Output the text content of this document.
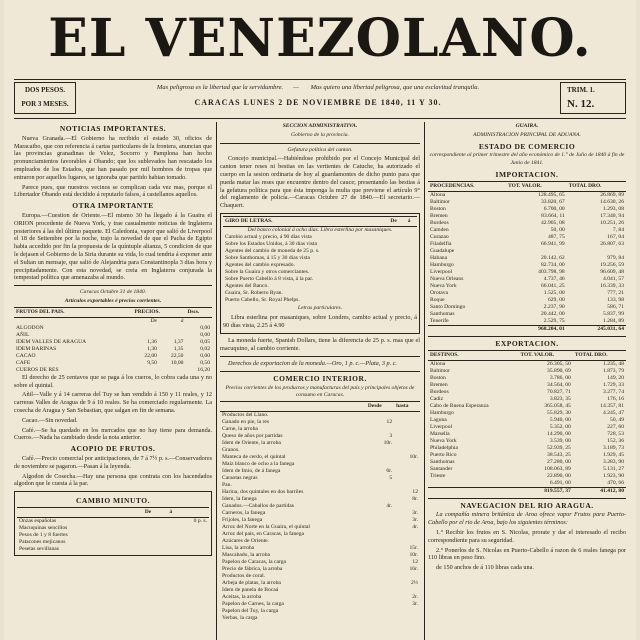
EL VENEZOLANO.
DOS PESOS.
POR 3 MESES.
Mas peligrosa es la libertad que la servidumbre. — Mas quiero una libertad peligrosa, que una esclavitud tranquila.
CARACAS LUNES 2 DE NOVIEMBRE DE 1840, 11 Y 30.
TRIM. 1.
N. 12.
NOTICIAS IMPORTANTES.

Nueva Granada.—El Gobierno ha recibido el estado 30, oficios de Maracaibo, que con referencia á cartas particulares de la frontera, anuncian que las provincias granadinas de Velez, Socorro y Pamplona han hecho pronunciamientos favorables á Obando; que los sublevados han rescatado los empleados de los Estados, que han pasado por mil hombres de tropas que entraron por aquellos lugares, se ignoraba que partido habian tomado.

Parece pues, que nuestros vecinos se complican cada vez mas, porque el Libertador Obando está decidido á reputarlo falsos, á castellanos aquellos.

OTRA IMPORTANTE

Europa.—Cuestion de Oriente.—El mismo 30 ha llegado á la Guaira el ORION procedente de Nueva York, y trae casualmente noticias de Inglaterra posteriores á las del último paquete. El Caledonia, vapor que salió de Liverpool el 18 de Setiembre por la noche, trajo la novedad de que el Pacha de Egipto habia accedido por fin la propuesta de la quíntuple alianza, 5 condicion de que le dejasen el Gobierno de la Siria durante su vida, lo cual tendria á exponer ante el Sultan un mensaje, que salió de Alejandria para Constantinopla 3 dias hora y precipitadamente. Con esta novedad, se creia en Inglaterra conjurada la tempestad política que amenazaba al mundo.

Caracas Octubre 31 de 1840.
Artículos exportables é precios corrientes.
FRUTOS DEL PAIS.	PRECIOS.		Dscs.
	De	á	
ALGODON			0,00
AÑIL			0,00
IDEM VALLES DE ARAGUA	1,36	1,37	0,05
IDEM BARINAS	1,30	1,35	0,02
CACAO	22,00	22,50	0,00
CAFE	9,50	10,00	0,50
CUEROS DE RES			16,20

El derecho de 25 centavos que se paga á los cueros, lo cobra cada una y no sobre el quintal.

Añil—Valle y á 14 carreras del Tuy se han vendido á 150 y 11 reales, y 12 carreras Valles de Aragua de 9 á 10 reales. Se ha comerciado regularmente. La cosecha de Aragua y San Sebastian, que salgan en fin de semana.

Cacao.—Sin novedad.

Café.—Se ha quedado en los mercados que no hay tiene para demanda. Cueros.—Nada ha cambiado desde la nota anterior.

ACOPIO DE FRUTOS.

Café.—Precio comercial por anticipaciones, de 7 á 7½ p. s.—Conservadores de noviembre se pagaron.—Pasan á la leyenda.

Algodon de Cosecha.—Hay una persona que contrata con los hacendados algodon que le cuesta á la par.

CAMBIO MINUTO.
	De	á
Onzas españolas		0 p. s.
Macuquinas sencillos		
Pesos de 1 y 8 fuertes		
Patacones mejicanos		
Pesetas sevillanas		
SECCION ADMINISTRATIVA.
Gobierno de la provincia.
Gefatura política del canton.

Concejo municipal.—Habiéndose prohibido por el Concejo Municipal del canton tener reses ni bestias en las vertientes de Catuche, ha autorizado el cuerpo en la sesion ordinaria de hoy al guardamontes de dicho punto para que pueda matar las reses que encuentre dentro del cauce; presentando las bestias á la gefatura política para que ésta imponga la multa que previene el artículo 9° del reglamento de policía.—Caracas Octubre 27 de 1840.—El secretario.—Chaquert.

GIRO DE LETRAS.	De	á
Del banco colonial á ocho dias. Libra esterlina por masaniques.		
Cambio actual y precio, á 90 días vista		
Sobre los Estados Unidos, á 30 dias vista		
Agentes del cambio de moneda de 25 p. s.		
Sobre Santhomas, á 15 y 30 dias vista		
Agentes del cambio expresado.		
Sobre la Guaira y otros comerciantes.		
Sobre Puerto Cabello á 8 vista, á la par.		
Agentes del Banco.		
Guaira, Sr. Roberto Ryan.		
Puerto Cabello, Sr. Royal Phelps.		
Letras particulares.

Libra esterlina por masaniques, sobre Londres, cambio actual y precio, á 90 días vista, 2.25 á 4.90

La moneda fuerte, Spanish Dollars, tiene la diferencia de 25 p. s. mas que el macuquino, al cambio corriente.

Derechos de exportacion de la moneda.—Oro, 1 p. c.—Plata, 3 p. c.

COMERCIO INTERIOR.
Precios corrientes de los productos y manufacturas del país y principales objetos de consumo en Caracas.
	Desde	hasta
Productos del Llano.		
Ganado en pie, la res	12	
Carne, la arroba		
Queso de años por partidas	3	
Idem de Oriente, la arroba	10r.	
Granos.		
Manteca de cerdo, el quintal		10r.
Maiz blanco de ocho a la fanega		
Idem de Imio, de á fanega	6r.	
Caraotas negras	5	
Pan.		
Harina, dos quintales en dos barriles		12
Idem, la fanega		8r.
Ganados.—Caballos de partidas	4r.	
Carneros, la fanega		3r.
Frijoles, la fanega		3r.
Arroz del Norte en la Guaira, el quintal		4r.
Arroz del país, en Caracas, la fanega		
Azúcares de Oriente.		
Lisa, la arroba		15r.
Mascabado, la arroba		10r.
Papelon de Caracas, la carga		12
Precio de fábrica, la arroba		16r.
Productos de coral.		
Arbeja de platas, la arroba		2½
Idem de panela de Bocaá		
Aceitas, la arroba		2r.
Papelon de Carnes, la carga		3r.
Papelon del Tuy, la carga		
Yerbas, la carga		
GUAIRA.
ADMINISTRACION PRINCIPAL DE ADUANA.
ESTADO DE COMERCIO
correspondiente al primer trimestre del año económico de 1.° de Julio de 1840 á fin de Junio de 1841.
IMPORTACION.
PROCEDENCIAS.	TOT. VALOR.	TOTAL DRO.
Altona	128.495, 65	26.869, 89
Baltimor	33.820, 67	14.630, 26
Boston	6.700, 00	1.293, 08
Bremen	83.664, 11	17.340, 94
Burdeos	42.905, 08	10.251, 26
Camden	50, 00	7, 84
Curazao	487, 75	167, 04
Filadelfia	66.941, 99	26.807, 63
Guadalupe		
Habana	20.142, 62	979, 84
Hamburgo	82.734, 00	19.256, 59
Liverpool	403.798, 98	96.609, 48
Nueva Orleans	4.737, 46	4.041, 57
Nueva York	66.041, 25	16.339, 33
Orotava	1.525, 00	777, 21
Roque	629, 00	133, 98
Santo Domingo	2.237, 90	586, 71
Santhomas	20.442, 00	5.837, 99
Tenerife	2.529, 75	1.284, 89
	968.204, 01	245.031, 64
EXPORTACION.
DESTINOS.	TOT. VALOR.	TOTAL DRO.
Altona	26.305, 50	1.235, 48
Baltimor	35.890, 69	1.873, 79
Boston	3.786, 00	149, 20
Bremen	34.564, 00	1.729, 33
Burdeos	70.827, 71	3.277, 74
Cadiz	3.823, 35	176, 16
Cabo de Buena Esperanza	365.058, 45	14.357, 81
Hamburgo	55.829, 30	4.245, 47
Laguna	5.940, 00	50, 49
Liverpool	5.352, 00	227, 60
Marsella	14.290, 00	728, 53
Nueva York	3.539, 00	152, 36
Philadelphia	52.939, 25	3.189, 73
Puerto Rico	38.543, 25	1.929, 45
Santhomas	27.280, 00	3.283, 90
Santander	108.063, 89	5.131, 27
Trieste	22.890, 00	1.923, 90
	6.491, 00	470, 66
	819.557, 37	41.412, 80
NAVEGACION DEL RIO ARAGUA.

La compañía minera británica de Aroa ofrece vapor Frutos para Puerto-Cabello por el rio de Aroa, bajo los siguientes términos:

1.° Recibir los frutos en S. Nicolas, prorate y dar el interesado el recibo correspondiente para su seguridad.

2.° Ponerlos de S. Nicolas en Puerto-Cabello á razon de 6 reales fanega por 110 libras en peso fino.

de 150 anchos de á 110 libras cada una.
